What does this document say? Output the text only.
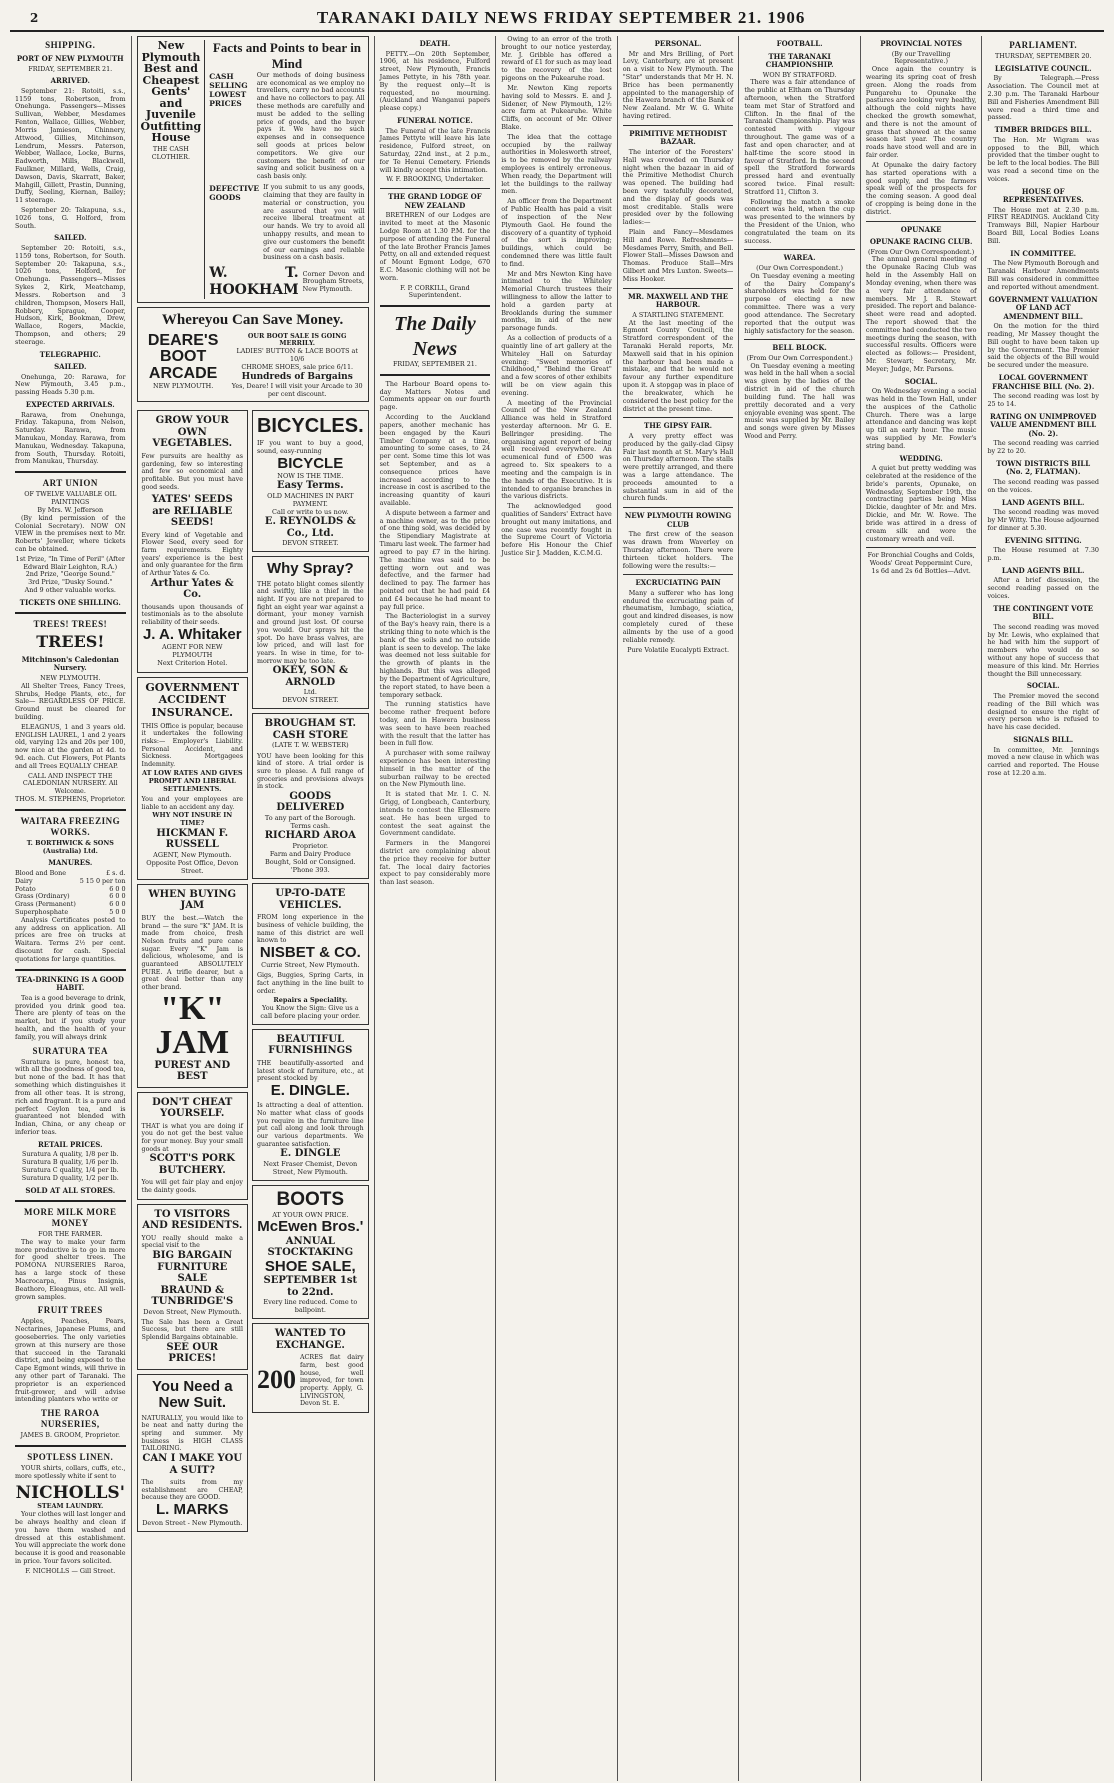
2	TARANAKI DAILY NEWS FRIDAY SEPTEMBER 21. 1906
SHIPPING.
PORT OF NEW PLYMOUTH
FRIDAY, SEPTEMBER 21.
ARRIVED.

September 21: Rotoiti, s.s., 1159 tons, Robertson, from Onehunga. Passengers—Misses Sullivan, Webber, Mesdames Fenton, Wallace, Gillies, Webber, Morris Jamieson, Chinnery, Attwood, Gillies, Mitchinson, Lendrum, Messrs. Paterson, Webber, Wallace, Locke, Burns, Eadworth, Mills, Blackwell, Faulkner, Millard, Wells, Craig, Dawson, Davis, Skarratt, Baker, Mahgill, Gillett, Prastin, Dunning, Duffy, Seeling, Kiernan, Bailey; 11 steerage.

September 20: Takapuna, s.s., 1026 tons, G. Holford, from South.

SAILED.

September 20: Rotoiti, s.s., 1159 tons, Robertson, for South. September 20: Takapuna, s.s., 1026 tons, Holford, for Onehunga. Passengers—Misses Sykes 2, Kirk, Meatchamp, Messrs. Robertson and 3 children, Thompson, Mosers Hall, Robbery, Sprague, Cooper, Hudson, Kirk, Bookman, Drew, Wallace, Rogers, Mackie, Thompson, and others; 29 steerage.

TELEGRAPHIC.
SAILED.

Onehunga, 20: Rarawa, for New Plymouth, 3.45 p.m., passing Heads 5.30 p.m.

EXPECTED ARRIVALS.

Rarawa, from Onehunga, Friday. Takapuna, from Nelson, Saturday. Rarawa, from Manukau, Monday. Rarawa, from Manukau, Wednesday. Takapuna, from South, Thursday. Rotoiti, from Manukau, Thursday.

ART UNION
OF TWELVE VALUABLE OIL PAINTINGS
By Mrs. W. Jefferson

(By kind permission of the Colonial Secretary). NOW ON VIEW in the premises next to Mr. Roberts' Jeweller, where tickets can be obtained.

1st Prize, "In Time of Peril" (After Edward Blair Leighton, R.A.)
2nd Prize, "George Sound."
3rd Prize, "Dusky Sound."
And 9 other valuable works.
TICKETS ONE SHILLING.
TREES! TREES!
TREES!
Mitchinson's Caledonian Nursery.
NEW PLYMOUTH.

All Shelter Trees, Fancy Trees, Shrubs, Hedge Plants, etc., for Sale— REGARDLESS OF PRICE. Ground must be cleared for building.

ELEAGNUS, 1 and 3 years old. ENGLISH LAUREL, 1 and 2 years old, varying 12s and 20s per 100, now nice at the garden at 4d. to 9d. each. Cut Flowers, Pot Plants and all Trees EQUALLY CHEAP.

CALL AND INSPECT THE CALEDONIAN NURSERY. All Welcome.
THOS. M. STEPHENS, Proprietor.
WAITARA FREEZING WORKS.
T. BORTHWICK & SONS (Australia) Ltd.
MANURES.
Blood and Bone	£ s. d.
Dairy	5 15 0 per ton
Potato	6 0 0
Grass (Ordinary)	6 0 0
Grass (Permanent)	6 0 0
Superphosphate	5 0 0

Analysis Certificates posted to any address on application. All prices are free on trucks at Waitara. Terms 2½ per cent. discount for cash. Special quotations for large quantities.

TEA-DRINKING IS A GOOD HABIT.

Tea is a good beverage to drink, provided you drink good tea. There are plenty of teas on the market, but if you study your health, and the health of your family, you will always drink

SURATURA TEA

Suratura is pure, honest tea, with all the goodness of good tea, but none of the bad. It has that something which distinguishes it from all other teas. It is strong, rich and fragrant. It is a pure and perfect Ceylon tea, and is guaranteed not blended with Indian, China, or any cheap or inferior teas.

RETAIL PRICES.
Suratura A quality, 1/8 per lb.
Suratura B quality, 1/6 per lb.
Suratura C quality, 1/4 per lb.
Suratura D quality, 1/2 per lb.
SOLD AT ALL STORES.
MORE MILK MORE MONEY
FOR THE FARMER.

The way to make your farm more productive is to go in more for good shelter trees. The POMONA NURSERIES Raroa, has a large stock of these Macrocarpa, Pinus Insignis, Beathoro, Eleagnus, etc. All well-grown samples.

FRUIT TREES

Apples, Peaches, Pears, Nectarines, Japanese Plums, and gooseberries. The only varieties grown at this nursery are those that succeed in the Taranaki district, and being exposed to the Cape Egmont winds, will thrive in any other part of Taranaki. The proprietor is an experienced fruit-grower, and will advise intending planters who write or

THE RAROA NURSERIES,
JAMES B. GROOM, Proprietor.
SPOTLESS LINEN.

YOUR shirts, collars, cuffs, etc., more spotlessly white if sent to

NICHOLLS'
STEAM LAUNDRY.

Your clothes will last longer and be always healthy and clean if you have them washed and dressed at this establishment. You will appreciate the work done because it is good and reasonable in price. Your favors solicited.

F. NICHOLLS — Gill Street.
New Plymouth Best and Cheapest Gents' and Juvenile Outfitting House
THE CASH CLOTHIER.
Facts and Points to bear in Mind
CASH SELLING LOWEST PRICES
Our methods of doing business are economical as we employ no travellers, carry no bad accounts and have no collectors to pay. All these methods are carefully and must be added to the selling price of goods, and the buyer pays it. We have no such expenses and in consequence sell goods at prices below competitors. We give our customers the benefit of our saving and solicit business on a cash basis only.
DEFECTIVE GOODS
If you submit to us any goods, claiming that they are faulty in material or construction, you are assured that you will receive liberal treatment at our hands. We try to avoid all unhappy results, and mean to give our customers the benefit of our earnings and reliable business on a cash basis.
W. T. HOOKHAM
Corner Devon and Brougham Streets,
New Plymouth.
Whereyou Can Save Money.
DEARE'S BOOT ARCADE
NEW PLYMOUTH.
OUR BOOT SALE IS GOING MERRILY.
LADIES' BUTTON & LACE BOOTS at 10/6
CHROME SHOES, sale price 6/11.
Hundreds of Bargains
Yes, Deare! I will visit your Arcade to 30 per cent discount.
GROW YOUR OWN VEGETABLES.
Few pursuits are healthy as gardening, few so interesting and few so economical and profitable. But you must have good seeds.
YATES' SEEDS are RELIABLE SEEDS!
Every kind of Vegetable and Flower Seed, every seed for farm requirements. Eighty years' experience is the best and only guarantee for the firm of Arthur Yates & Co.
Arthur Yates & Co.
thousands upon thousands of testimonials as to the absolute reliability of their seeds.
J. A. Whitaker
AGENT FOR NEW PLYMOUTH
Next Criterion Hotel.
GOVERNMENT ACCIDENT INSURANCE.
THIS Office is popular, because it undertakes the following risks:— Employer's Liability. Personal Accident, and Sickness. Mortgagees Indemnity.
AT LOW RATES AND GIVES PROMPT AND LIBERAL SETTLEMENTS.
You and your employees are liable to an accident any day.
WHY NOT INSURE IN TIME?
HICKMAN F. RUSSELL
AGENT, New Plymouth.
Opposite Post Office, Devon Street.
WHEN BUYING JAM
BUY the best.—Watch the brand — the sure "K" JAM. It is made from choice, fresh Nelson fruits and pure cane sugar. Every "K" Jam is delicious, wholesome, and is guaranteed ABSOLUTELY PURE. A trifle dearer, but a great deal better than any other brand.
"K" JAM
PUREST AND BEST
DON'T CHEAT YOURSELF.
THAT is what you are doing if you do not get the best value for your money. Buy your small goods at
SCOTT'S PORK BUTCHERY.
You will get fair play and enjoy the dainty goods.
TO VISITORS AND RESIDENTS.
YOU really should make a special visit to the
BIG BARGAIN FURNITURE SALE
BRAUND & TUNBRIDGE'S
Devon Street, New Plymouth.
The Sale has been a Great Success, but there are still Splendid Bargains obtainable.
SEE OUR PRICES!
You Need a New Suit.
NATURALLY, you would like to be neat and natty during the spring and summer. My business is HIGH CLASS TAILORING.
CAN I MAKE YOU A SUIT?
The suits from my establishment are CHEAP, because they are GOOD.
L. MARKS
Devon Street - New Plymouth.
BICYCLES.
IF you want to buy a good, sound, easy-running
BICYCLE
NOW IS THE TIME.
Easy Terms.
OLD MACHINES IN PART PAYMENT.
Call or write to us now.
E. REYNOLDS & Co., Ltd.
DEVON STREET.
Why Spray?
THE potato blight comes silently and swiftly, like a thief in the night. If you are not prepared to fight an eight year war against a dormant, your money varnish and ground just lost. Of course you would. Our sprays hit the spot. Do have brass valves, are low priced, and will last for years. In wise in time, for to-morrow may be too late.
OKEY, SON & ARNOLD
Ltd.
DEVON STREET.
BROUGHAM ST. CASH STORE
(LATE T. W. WEBSTER)
YOU have been looking for this kind of store. A trial order is sure to please. A full range of groceries and provisions always in stock.
GOODS DELIVERED
To any part of the Borough. Terms cash.
RICHARD AROA
Proprietor.
Farm and Dairy Produce Bought, Sold or Consigned. 'Phone 393.
UP-TO-DATE VEHICLES.
FROM long experience in the business of vehicle building, the name of this district are well known to
NISBET & CO.
Currie Street, New Plymouth.
Gigs, Buggies, Spring Carts, in fact anything in the line built to order.
Repairs a Speciality.
You Know the Sign: Give us a call before placing your order.
BEAUTIFUL FURNISHINGS
THE beautifully-assorted and latest stock of furniture, etc., at present stocked by
E. DINGLE.
Is attracting a deal of attention. No matter what class of goods you require in the furniture line put call along and look through our various departments. We guarantee satisfaction.
E. DINGLE
Next Fraser Chemist, Devon Street, New Plymouth.
BOOTS
AT YOUR OWN PRICE.
McEwen Bros.'
ANNUAL STOCKTAKING
SHOE SALE,
SEPTEMBER 1st to 22nd.
Every line reduced. Come to ballpoint.
WANTED TO EXCHANGE.
200
ACRES flat dairy farm, best good house, well improved, for town property. Apply, G. LIVINGSTON, Devon St. E.
DEATH.

PETTY.—On 20th September, 1906, at his residence, Fulford street, New Plymouth, Francis James Pettyte, in his 78th year. By the request only—It is requested, no mourning. (Auckland and Wanganui papers please copy.)

FUNERAL NOTICE.

The Funeral of the late Francis James Pettyte will leave his late residence, Fulford street, on Saturday, 22nd inst., at 2 p.m., for Te Henui Cemetery. Friends will kindly accept this intimation.

W. F. BROOKING, Undertaker.
THE GRAND LODGE OF NEW ZEALAND

BRETHREN of our Lodges are invited to meet at the Masonic Lodge Room at 1.30 P.M. for the purpose of attending the Funeral of the late Brother Francis James Petty, on all and extended request of Mount Egmont Lodge, 670 E.C. Masonic clothing will not be worn.

F. P. CORKILL, Grand Superintendent.
The Daily News
FRIDAY, SEPTEMBER 21.

The Harbour Board opens to-day Matters Notes and Comments appear on our fourth page.

According to the Auckland papers, another mechanic has been engaged by the Kauri Timber Company at a time, amounting to some cases, to 24 per cent. Some time this lot was set September, and as a consequence prices have increased according to the increase in cost is ascribed to the increasing quantity of kauri available.

A dispute between a farmer and a machine owner, as to the price of one thing sold, was decided by the Stipendiary Magistrate at Timaru last week. The farmer had agreed to pay £7 in the hiring. The machine was said to be getting worn out and was defective, and the farmer had declined to pay. The farmer has pointed out that he had paid £4 and £4 because he had meant to pay full price.

The Bacteriologist in a survey of the Bay's heavy rain, there is a striking thing to note which is the bank of the soils and no outside plant is seen to develop. The lake was deemed not less suitable for the growth of plants in the highlands. But this was alleged by the Department of Agriculture, the report stated, to have been a temporary setback.

The running statistics have become rather frequent before today, and in Hawera business was seen to have been reached with the result that the latter has been in full flow.

A purchaser with some railway experience has been interesting himself in the matter of the suburban railway to be erected on the New Plymouth line.

It is stated that Mr. I. C. N. Grigg, of Longbeach, Canterbury, intends to contest the Ellesmere seat. He has been urged to contest the seat against the Government candidate.

Farmers in the Mangorei district are complaining about the price they receive for butter fat. The local dairy factories expect to pay considerably more than last season.

Owing to an error of the troth brought to our notice yesterday, Mr. J. Gribble has offered a reward of £1 for such as may lead to the recovery of the lost pigeons on the Pukearuhe road.

Mr. Newton King reports having sold to Messrs. E. and J. Sidener, of New Plymouth, 12½ acre farm at Pukearuhe. White Cliffs, on account of Mr. Oliver Blake.

The idea that the cottage occupied by the railway authorities in Molesworth street, is to be removed by the railway employees is entirely erroneous. When ready, the Department will let the buildings to the railway men.

An officer from the Department of Public Health has paid a visit of inspection of the New Plymouth Gaol. He found the discovery of a quantity of typhoid of the sort is improving; buildings, which could be condemned there was little fault to find.

Mr and Mrs Newton King have intimated to the Whiteley Memorial Church trustees their willingness to allow the latter to hold a garden party at Brooklands during the summer months, in aid of the new parsonage funds.

As a collection of products of a quaintly line of art gallery at the Whiteley Hall on Saturday evening: "Sweet memories of Childhood," "Behind the Great" and a few scores of other exhibits will be on view again this evening.

A meeting of the Provincial Council of the New Zealand Alliance was held in Stratford yesterday afternoon. Mr G. E. Bellringer presiding. The organising agent report of being well received everywhere. An ecumenical fund of £500 was agreed to. Six speakers to a meeting and the campaign is in the hands of the Executive. It is intended to organise branches in the various districts.

The acknowledged good qualities of Sanders' Extract have brought out many imitations, and one case was recently fought in the Supreme Court of Victoria before His Honour the Chief Justice Sir J. Madden, K.C.M.G.

PERSONAL.

Mr and Mrs Brilling, of Port Levy, Canterbury, are at present on a visit to New Plymouth. The "Star" understands that Mr H. N. Brice has been permanently appointed to the managership of the Hawera branch of the Bank of New Zealand. Mr W. G. White having retired.

PRIMITIVE METHODIST BAZAAR.

The interior of the Foresters' Hall was crowded on Thursday night when the bazaar in aid of the Primitive Methodist Church was opened. The building had been very tastefully decorated, and the display of goods was most creditable. Stalls were presided over by the following ladies:—

Plain and Fancy—Mesdames Hill and Rowe. Refreshments—Mesdames Perry, Smith, and Bell. Flower Stall—Misses Dawson and Thomas. Produce Stall—Mrs Gilbert and Mrs Luxton. Sweets—Miss Hooker.

MR. MAXWELL AND THE HARBOUR.
A STARTLING STATEMENT.

At the last meeting of the Egmont County Council, the Stratford correspondent of the Taranaki Herald reports, Mr. Maxwell said that in his opinion the harbour had been made a mistake, and that he would not favour any further expenditure upon it. A stopgap was in place of the breakwater, which he considered the best policy for the district at the present time.

THE GIPSY FAIR.

A very pretty effect was produced by the gaily-clad Gipsy Fair last month at St. Mary's Hall on Thursday afternoon. The stalls were prettily arranged, and there was a large attendance. The proceeds amounted to a substantial sum in aid of the church funds.

NEW PLYMOUTH ROWING CLUB

The first crew of the season was drawn from Waverley on Thursday afternoon. There were thirteen ticket holders. The following were the results:—

EXCRUCIATING PAIN

Many a sufferer who has long endured the excruciating pain of rheumatism, lumbago, sciatica, gout and kindred diseases, is now completely cured of these ailments by the use of a good reliable remedy.

Pure Volatile Eucalypti Extract.
FOOTBALL.
THE TARANAKI CHAMPIONSHIP.
WON BY STRATFORD.

There was a fair attendance of the public at Eltham on Thursday afternoon, when the Stratford team met Star of Stratford and Clifton. In the final of the Taranaki Championship. Play was contested with vigour throughout. The game was of a fast and open character, and at half-time the score stood in favour of Stratford. In the second spell the Stratford forwards pressed hard and eventually scored twice. Final result: Stratford 11, Clifton 3.

Following the match a smoke concert was held, when the cup was presented to the winners by the President of the Union, who congratulated the team on its success.

WAREA.
(Our Own Correspondent.)

On Tuesday evening a meeting of the Dairy Company's shareholders was held for the purpose of electing a new committee. There was a very good attendance. The Secretary reported that the output was highly satisfactory for the season.

BELL BLOCK.
(From Our Own Correspondent.)

On Tuesday evening a meeting was held in the hall when a social was given by the ladies of the district in aid of the church building fund. The hall was prettily decorated and a very enjoyable evening was spent. The music was supplied by Mr. Bailey and songs were given by Misses Wood and Perry.

PROVINCIAL NOTES
(By our Travelling Representative.)

Once again the country is wearing its spring coat of fresh green. Along the roads from Pungarehu to Opunake the pastures are looking very healthy, although the cold nights have checked the growth somewhat, and there is not the amount of grass that showed at the same season last year. The country roads have stood well and are in fair order.

At Opunake the dairy factory has started operations with a good supply, and the farmers speak well of the prospects for the coming season. A good deal of cropping is being done in the district.

OPUNAKE
OPUNAKE RACING CLUB.
(From Our Own Correspondent.)

The annual general meeting of the Opunake Racing Club was held in the Assembly Hall on Monday evening, when there was a very fair attendance of members. Mr J. R. Stewart presided. The report and balance-sheet were read and adopted. The report showed that the committee had conducted the two meetings during the season, with successful results. Officers were elected as follows:— President, Mr. Stewart; Secretary, Mr. Meyer; Judge, Mr. Parsons.

SOCIAL.

On Wednesday evening a social was held in the Town Hall, under the auspices of the Catholic Church. There was a large attendance and dancing was kept up till an early hour. The music was supplied by Mr. Fowler's string band.

WEDDING.

A quiet but pretty wedding was celebrated at the residence of the bride's parents, Opunake, on Wednesday, September 19th, the contracting parties being Miss Dickie, daughter of Mr. and Mrs. Dickie, and Mr. W. Rowe. The bride was attired in a dress of cream silk and wore the customary wreath and veil.

For Bronchial Coughs and Colds, Woods' Great Peppermint Cure, 1s 6d and 2s 6d Bottles—Advt.
PARLIAMENT.
THURSDAY, SEPTEMBER 20.
LEGISLATIVE COUNCIL.

By Telegraph.—Press Association. The Council met at 2.30 p.m. The Taranaki Harbour Bill and Fisheries Amendment Bill were read a third time and passed.

TIMBER BRIDGES BILL.

The Hon. Mr Wigram was opposed to the Bill, which provided that the timber ought to be left to the local bodies. The Bill was read a second time on the voices.

HOUSE OF REPRESENTATIVES.

The House met at 2.30 p.m. FIRST READINGS. Auckland City Tramways Bill, Napier Harbour Board Bill, Local Bodies Loans Bill.

IN COMMITTEE.

The New Plymouth Borough and Taranaki Harbour Amendments Bill was considered in committee and reported without amendment.

GOVERNMENT VALUATION OF LAND ACT AMENDMENT BILL.

On the motion for the third reading, Mr Massey thought the Bill ought to have been taken up by the Government. The Premier said the objects of the Bill would be secured under the measure.

LOCAL GOVERNMENT FRANCHISE BILL (No. 2).

The second reading was lost by 25 to 14.

RATING ON UNIMPROVED VALUE AMENDMENT BILL (No. 2).

The second reading was carried by 22 to 20.

TOWN DISTRICTS BILL (No. 2, FLATMAN).

The second reading was passed on the voices.

LAND AGENTS BILL.

The second reading was moved by Mr Witty. The House adjourned for dinner at 5.30.

EVENING SITTING.

The House resumed at 7.30 p.m.

LAND AGENTS BILL.

After a brief discussion, the second reading passed on the voices.

THE CONTINGENT VOTE BILL.

The second reading was moved by Mr. Lewis, who explained that he had with him the support of members who would do so without any hope of success that measure of this kind. Mr. Herries thought the Bill unnecessary.

SOCIAL.

The Premier moved the second reading of the Bill which was designed to ensure the right of every person who is refused to have his case decided.

SIGNALS BILL.

In committee, Mr. Jennings moved a new clause in which was carried and reported. The House rose at 12.20 a.m.
